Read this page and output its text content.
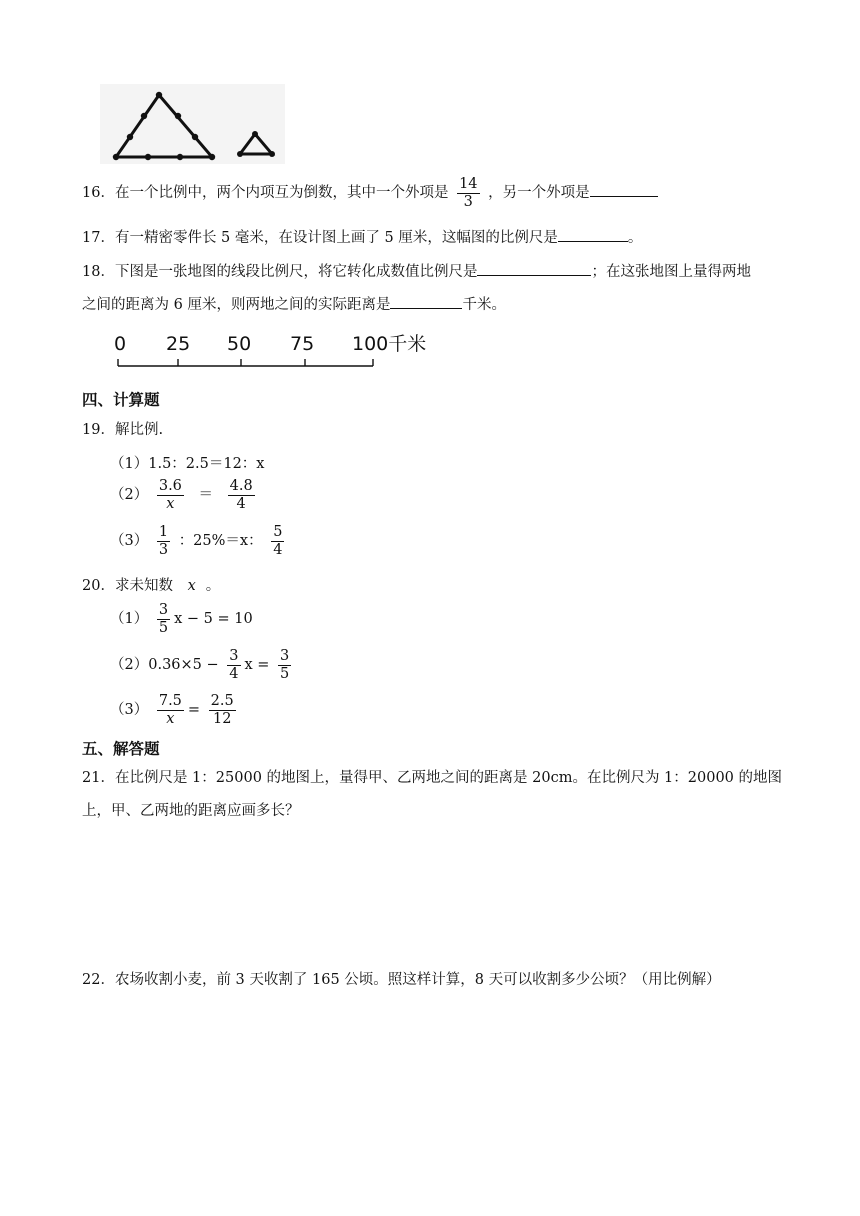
16．在一个比例中，两个内项互为倒数，其中一个外项是 $\frac{14}{3}$ ，另一个外项是
17．有一精密零件长 5 毫米，在设计图上画了 5 厘米，这幅图的比例尺是	。
18．下图是一张地图的线段比例尺，将它转化成数值比例尺是	；在这张地图上量得两地
之间的距离为 6 厘米，则两地之间的实际距离是	千米。
0 25 50 75 100千米
四、计算题
19．解比例.
（1）1.5：2.5＝12：x
$(2) \frac{3.6}{x} = \frac{4.8}{4}$
$(3) \frac{1}{3}$ ：25%＝x： $\frac{5}{4}$
20．求未知数 x 。
$(1) \frac{3}{5}$ x − 5 = 10
$(2)0.36\times 5 - \frac{3}{4}$ $x = \frac{3}{5}$
$(3) \frac{7.5}{x} = \frac{2.5}{12}$
五、解答题
21．在比例尺是 1：25000 的地图上，量得甲、乙两地之间的距离是 20cm。在比例尺为 1：20000 的地图
上，甲、乙两地的距离应画多长？
22．农场收割小麦，前 3 天收割了 165 公顷。照这样计算，8 天可以收割多少公顷？（用比例解）
